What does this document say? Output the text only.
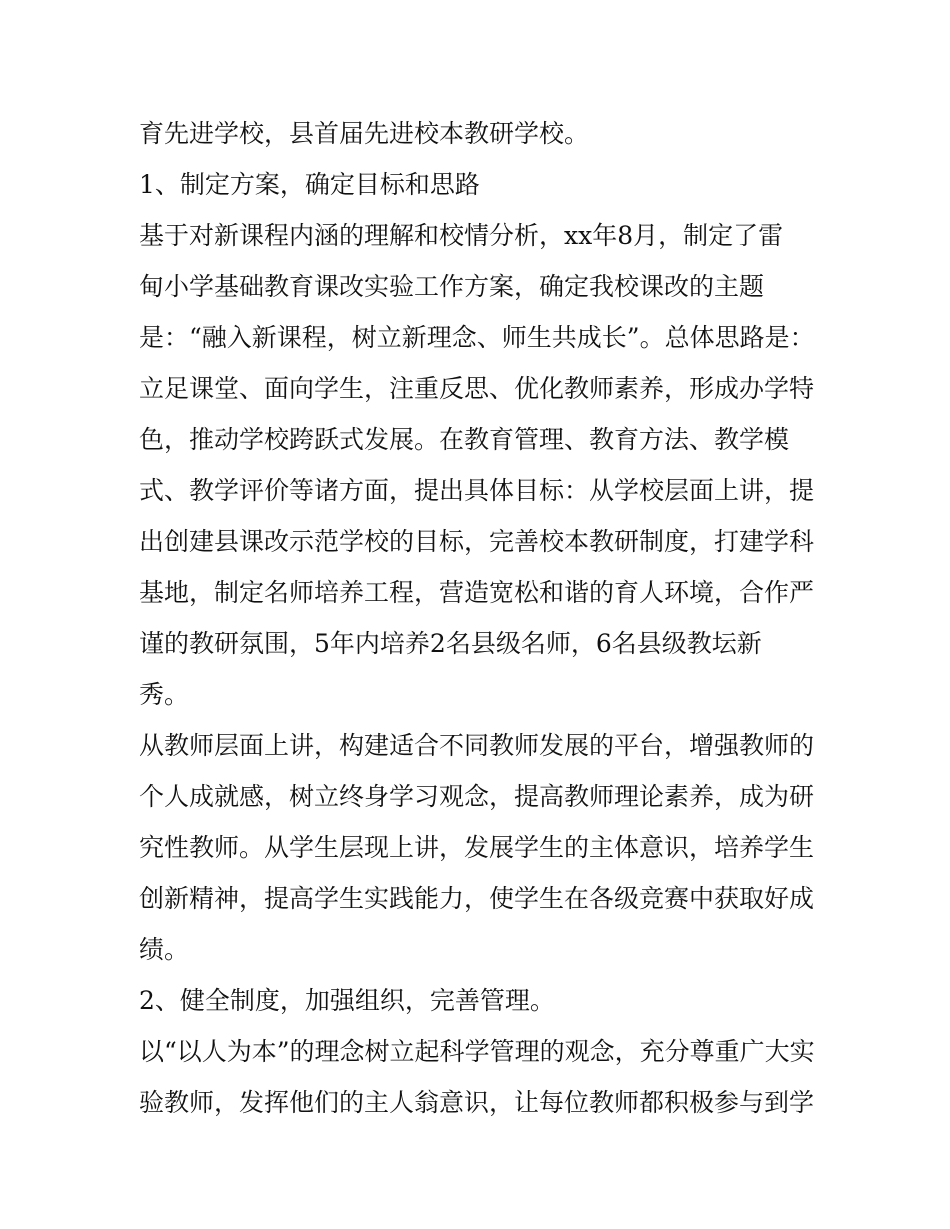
育先进学校，县首届先进校本教研学校。
1、制定方案，确定目标和思路
基于对新课程内涵的理解和校情分析，xx年8月，制定了雷
甸小学基础教育课改实验工作方案，确定我校课改的主题
是：“融入新课程，树立新理念、师生共成长”。总体思路是：
立足课堂、面向学生，注重反思、优化教师素养，形成办学特
色，推动学校跨跃式发展。在教育管理、教育方法、教学模
式、教学评价等诸方面，提出具体目标：从学校层面上讲，提
出创建县课改示范学校的目标，完善校本教研制度，打建学科
基地，制定名师培养工程，营造宽松和谐的育人环境，合作严
谨的教研氛围，5年内培养2名县级名师，6名县级教坛新
秀。
从教师层面上讲，构建适合不同教师发展的平台，增强教师的
个人成就感，树立终身学习观念，提高教师理论素养，成为研
究性教师。从学生层现上讲，发展学生的主体意识，培养学生
创新精神，提高学生实践能力，使学生在各级竞赛中获取好成
绩。
2、健全制度，加强组织，完善管理。
以“以人为本”的理念树立起科学管理的观念，充分尊重广大实
验教师，发挥他们的主人翁意识，让每位教师都积极参与到学
